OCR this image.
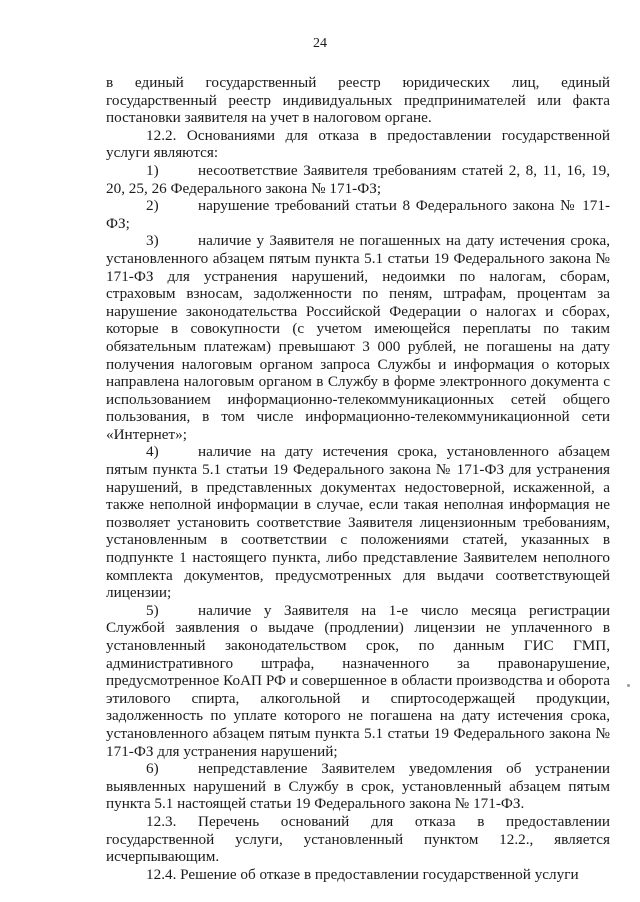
24

в единый государственный реестр юридических лиц, единый государственный реестр индивидуальных предпринимателей или факта постановки заявителя на учет в налоговом органе.

12.2. Основаниями для отказа в предоставлении государственной услуги являются:

1)	несоответствие Заявителя требованиям статей 2, 8, 11, 16, 19, 20, 25, 26 Федерального закона № 171-ФЗ;

2)	нарушение требований статьи 8 Федерального закона № 171-ФЗ;

3)	наличие у Заявителя не погашенных на дату истечения срока, установленного абзацем пятым пункта 5.1 статьи 19 Федерального закона № 171-ФЗ для устранения нарушений, недоимки по налогам, сборам, страховым взносам, задолженности по пеням, штрафам, процентам за нарушение законодательства Российской Федерации о налогах и сборах, которые в совокупности (с учетом имеющейся переплаты по таким обязательным платежам) превышают 3 000 рублей, не погашены на дату получения налоговым органом запроса Службы и информация о которых направлена налоговым органом в Службу в форме электронного документа с использованием информационно-телекоммуникационных сетей общего пользования, в том числе информационно-телекоммуникационной сети «Интернет»;

4)	наличие на дату истечения срока, установленного абзацем пятым пункта 5.1 статьи 19 Федерального закона № 171-ФЗ для устранения нарушений, в представленных документах недостоверной, искаженной, а также неполной информации в случае, если такая неполная информация не позволяет установить соответствие Заявителя лицензионным требованиям, установленным в соответствии с положениями статей, указанных в подпункте 1 настоящего пункта, либо представление Заявителем неполного комплекта документов, предусмотренных для выдачи соответствующей лицензии;

5)	наличие у Заявителя на 1-е число месяца регистрации Службой заявления о выдаче (продлении) лицензии не уплаченного в установленный законодательством срок, по данным ГИС ГМП, административного штрафа, назначенного за правонарушение, предусмотренное КоАП РФ и совершенное в области производства и оборота этилового спирта, алкогольной и спиртосодержащей продукции, задолженность по уплате которого не погашена на дату истечения срока, установленного абзацем пятым пункта 5.1 статьи 19 Федерального закона № 171-ФЗ для устранения нарушений;

6)	непредставление Заявителем уведомления об устранении выявленных нарушений в Службу в срок, установленный абзацем пятым пункта 5.1 настоящей статьи 19 Федерального закона № 171-ФЗ.

12.3. Перечень оснований для отказа в предоставлении государственной услуги, установленный пунктом 12.2., является исчерпывающим.

12.4. Решение об отказе в предоставлении государственной услуги
